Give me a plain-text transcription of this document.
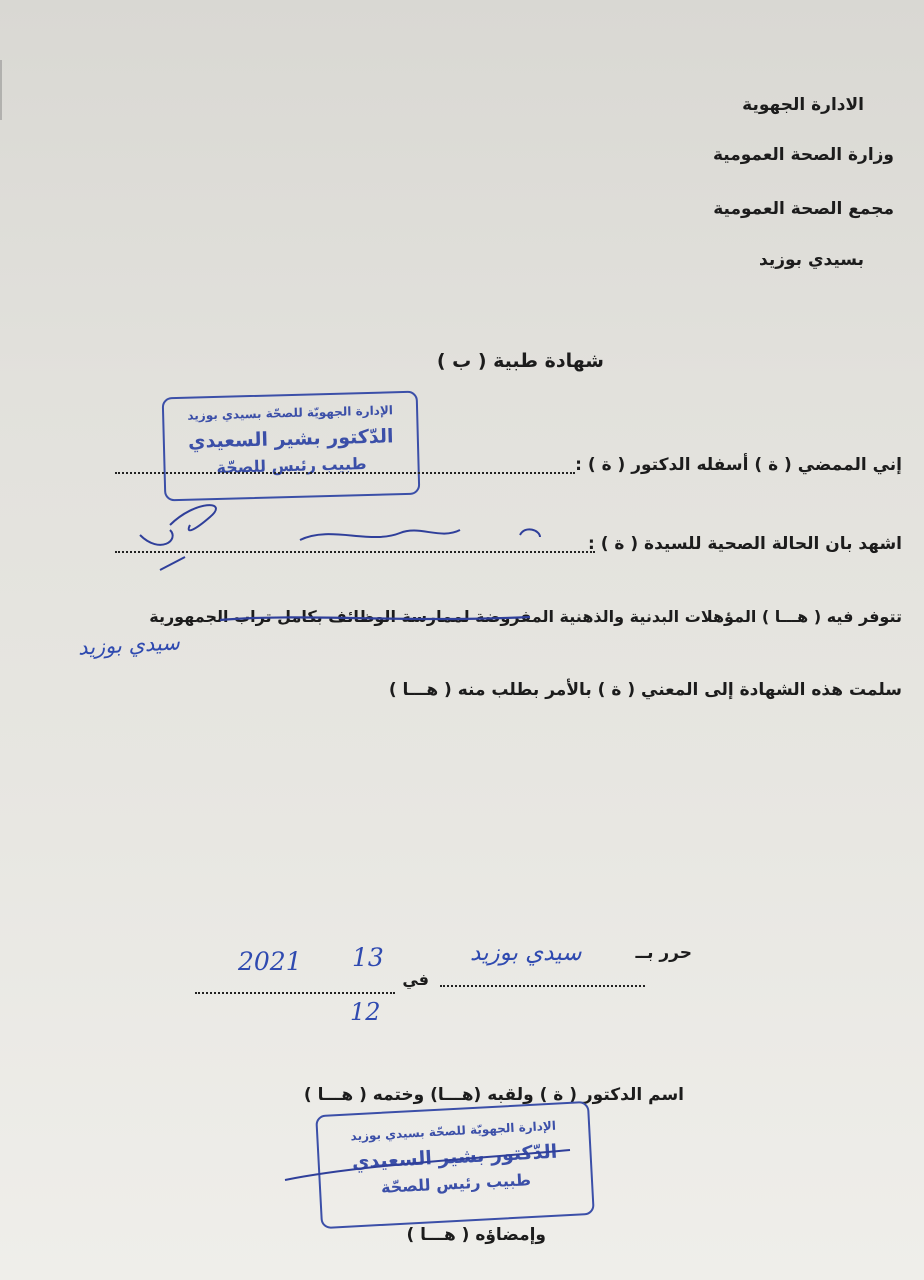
الادارة الجهوية
وزارة الصحة العمومية
مجمع الصحة العمومية
بسيدي بوزيد
شهادة طبية ( ب )
الإدارة الجهويّة للصحّة بسيدي بوزيد
الدّكتور بشير السعيدي
طبيب رئيس للصحّة	إني الممضي ( ة ) أسفله الدكتور ( ة ) :
اشهد بان الحالة الصحية للسيدة ( ة ) :
تتوفر فيه ( هـــا ) المؤهلات البدنية والذهنية المفروضة لممارسة الوظائف بكامل تراب الجمهورية
سلمت هذه الشهادة إلى المعني ( ة ) بالأمر بطلب منه ( هـــا )
سيدي بوزيد
حرر بــ
في
سيدي بوزيد
2021 13
12
اسم الدكتور ( ة ) ولقبه (هـــا) وختمه ( هـــا )
الإدارة الجهويّة للصحّة بسيدي بوزيد
الدّكتور بشير السعيدي
طبيب رئيس للصحّة
وإمضاؤه ( هـــا )
